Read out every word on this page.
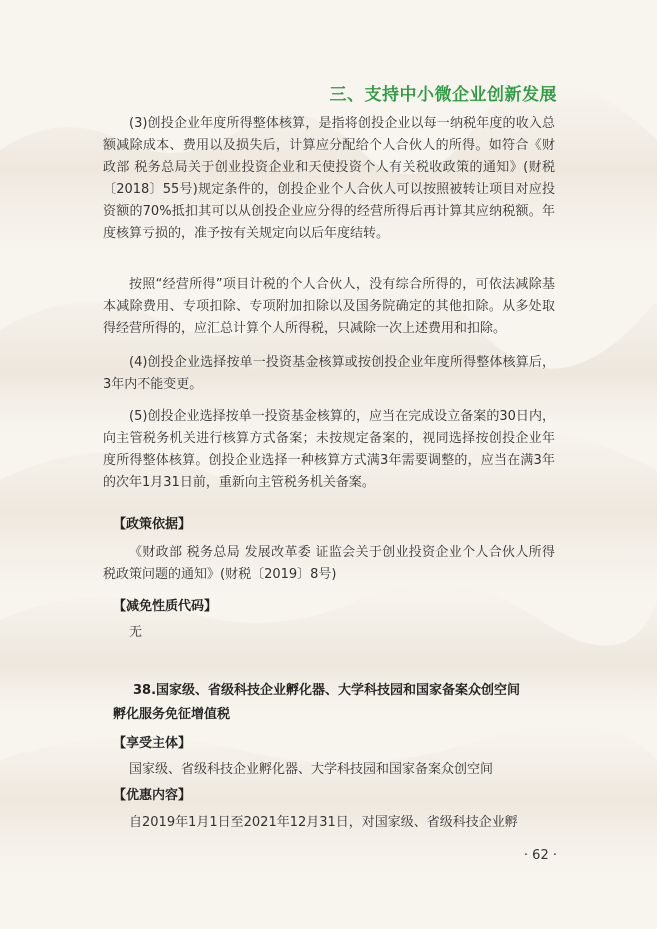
三、支持中小微企业创新发展
(3)创投企业年度所得整体核算，是指将创投企业以每一纳税年度的收入总额减除成本、费用以及损失后，计算应分配给个人合伙人的所得。如符合《财政部 税务总局关于创业投资企业和天使投资个人有关税收政策的通知》(财税〔2018〕55号)规定条件的，创投企业个人合伙人可以按照被转让项目对应投资额的70%抵扣其可以从创投企业应分得的经营所得后再计算其应纳税额。年度核算亏损的，准予按有关规定向以后年度结转。
按照“经营所得”项目计税的个人合伙人，没有综合所得的，可依法减除基本减除费用、专项扣除、专项附加扣除以及国务院确定的其他扣除。从多处取得经营所得的，应汇总计算个人所得税，只减除一次上述费用和扣除。
(4)创投企业选择按单一投资基金核算或按创投企业年度所得整体核算后，3年内不能变更。
(5)创投企业选择按单一投资基金核算的，应当在完成设立备案的30日内，向主管税务机关进行核算方式备案；未按规定备案的，视同选择按创投企业年度所得整体核算。创投企业选择一种核算方式满3年需要调整的，应当在满3年的次年1月31日前，重新向主管税务机关备案。
【政策依据】
《财政部 税务总局 发展改革委 证监会关于创业投资企业个人合伙人所得税政策问题的通知》(财税〔2019〕8号)
【减免性质代码】
无
38.国家级、省级科技企业孵化器、大学科技园和国家备案众创空间
孵化服务免征增值税
【享受主体】
国家级、省级科技企业孵化器、大学科技园和国家备案众创空间
【优惠内容】
自2019年1月1日至2021年12月31日，对国家级、省级科技企业孵
· 62 ·
